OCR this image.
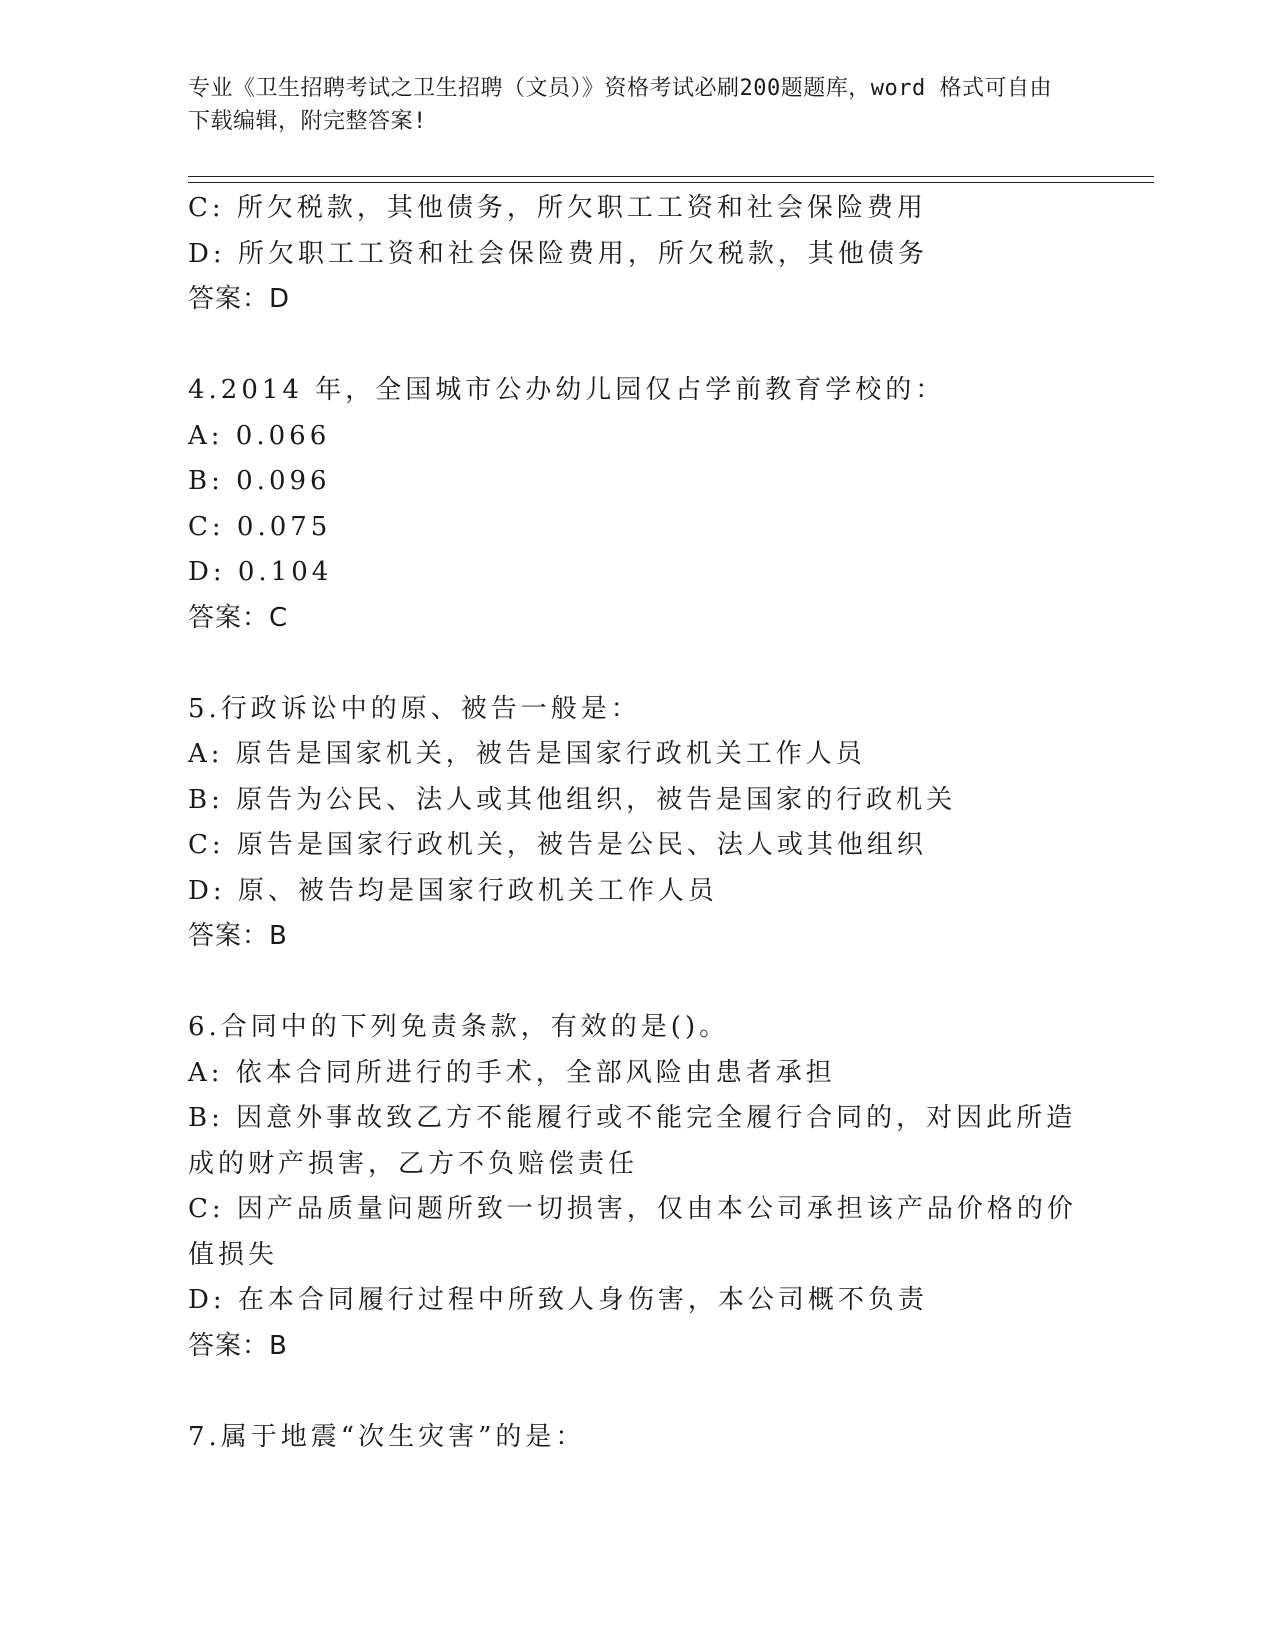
专业《卫生招聘考试之卫生招聘（文员）》资格考试必刷200题题库，word 格式可自由下载编辑，附完整答案!
C: 所欠税款，其他债务，所欠职工工资和社会保险费用
D: 所欠职工工资和社会保险费用，所欠税款，其他债务
答案：D
4.2014 年，全国城市公办幼儿园仅占学前教育学校的：
A: 0.066
B: 0.096
C: 0.075
D: 0.104
答案：C
5.行政诉讼中的原、被告一般是：
A: 原告是国家机关，被告是国家行政机关工作人员
B: 原告为公民、法人或其他组织，被告是国家的行政机关
C: 原告是国家行政机关，被告是公民、法人或其他组织
D: 原、被告均是国家行政机关工作人员
答案：B
6.合同中的下列免责条款，有效的是()。
A: 依本合同所进行的手术，全部风险由患者承担
B: 因意外事故致乙方不能履行或不能完全履行合同的，对因此所造成的财产损害，乙方不负赔偿责任
C: 因产品质量问题所致一切损害，仅由本公司承担该产品价格的价值损失
D: 在本合同履行过程中所致人身伤害，本公司概不负责
答案：B
7.属于地震“次生灾害”的是：
